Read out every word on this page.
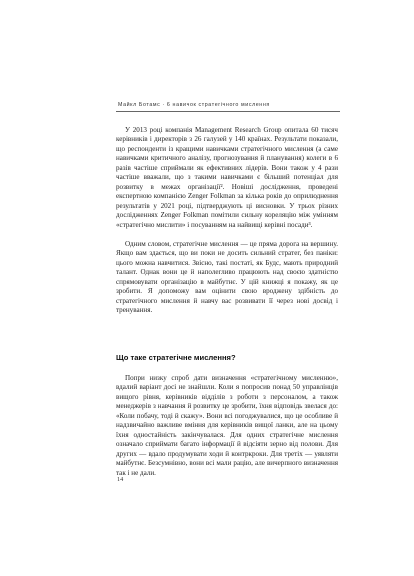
Майкл Ботамс · 6 навичок стратегічного мислення

У 2013 році компанія Management Research Group опитала 60 тисяч керівників і директорів з 26 галузей у 140 країнах. Результати показали, що респонденти із кращими навичками стратегічного мислення (а саме навичками критичного аналізу, прогнозування й планування) колеги в 6 разів частіше сприймали як ефективних лідерів. Вони також у 4 рази частіше вважали, що з такими навичками є більший потенціал для розвитку в межах організації². Новіші дослідження, проведені експертною компанією Zenger Folkman за кілька років до оприлюднення результатів у 2021 році, підтверджують ці висновки. У трьох різних дослідженнях Zenger Folkman помітили сильну кореляцію між умінням «стратегічно мислити» і посуванням на найвищі керівні посади³.

Одним словом, стратегічне мислення — це пряма дорога на вершину. Якщо вам здається, що ви поки не досить сильний стратег, без паніки: цього можна навчитися. Звісно, такі постаті, як Будс, мають природний талант. Однак вони це й наполегливо працюють над своєю здатністю спрямовувати організацію в майбутнє. У цій книжці я покажу, як це зробити. Я допоможу вам оцінити свою вроджену здібність до стратегічного мислення й навчу вас розвивати її через нові досвід і тренування.

Що таке стратегічне мислення?

Попри низку спроб дати визначення «стратегічному мисленню», вдалий варіант досі не знайшли. Коли я попросив понад 50 управлінців вищого рівня, керівників відділів з роботи з персоналом, а також менеджерів з навчання й розвитку це зробити, їхня відповідь звелася до: «Коли побачу, тоді й скажу». Вони всі погоджувалися, що це особливе й надзвичайно важливе вміння для керівників вищої ланки, але на цьому їхня одностайність закінчувалася. Для одних стратегічне мислення означало сприймати багато інформації й відсіяти зерно від полови. Для других — вдало продумувати ходи й контркроки. Для третіх — уявляти майбутнє. Безсумнівно, вони всі мали рацію, але вичерпного визначення так і не дали.

14
